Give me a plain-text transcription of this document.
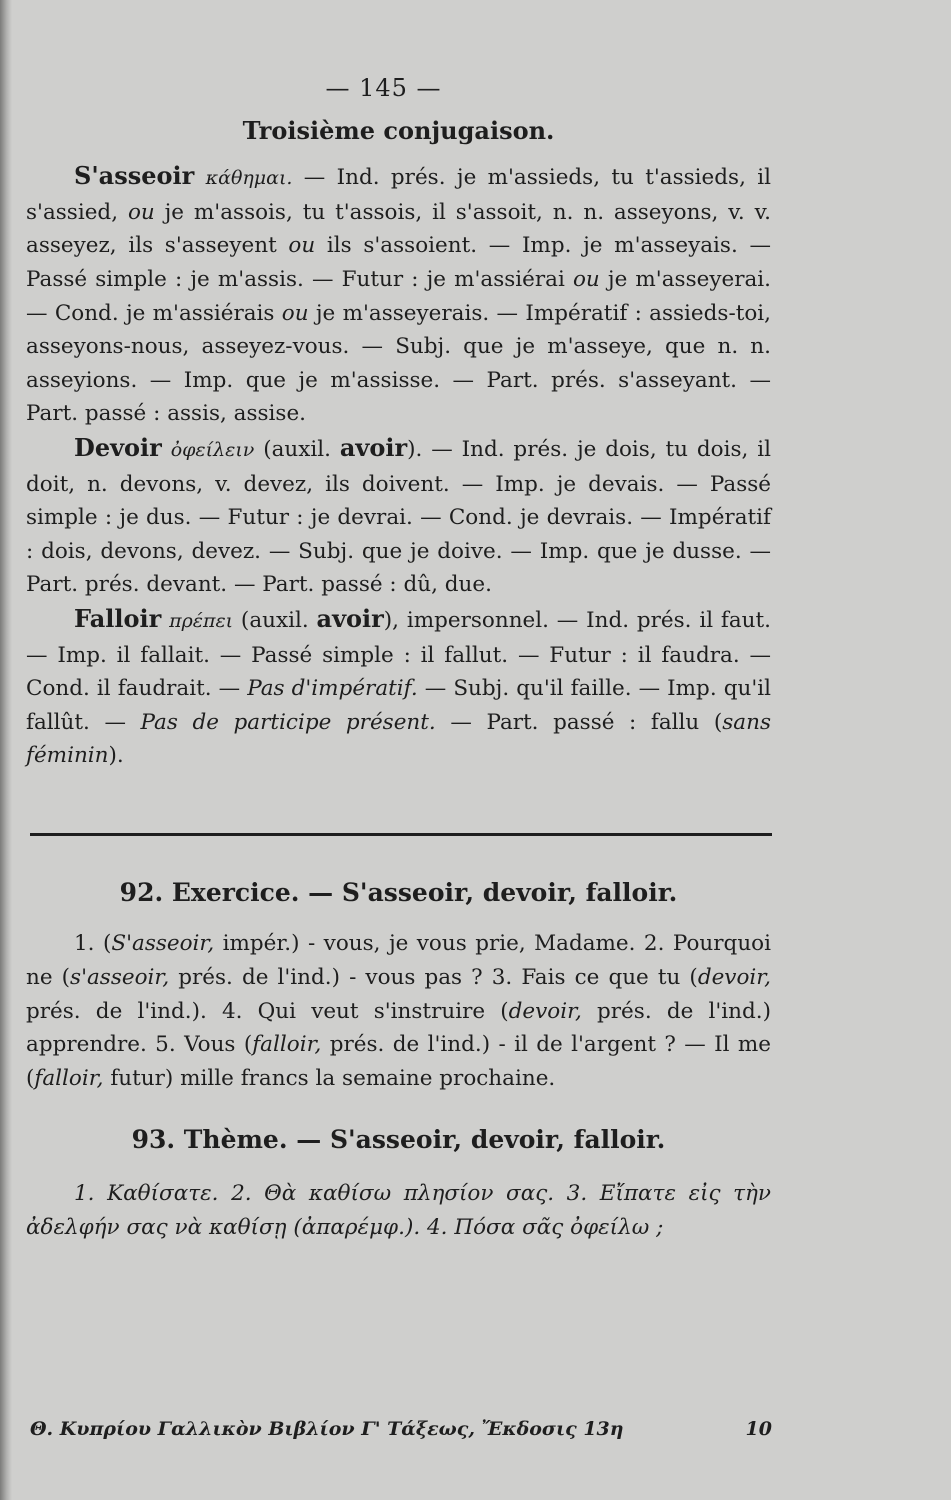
— 145 —
Troisième conjugaison.

S'asseoir κάθημαι. — Ind. prés. je m'assieds, tu t'assieds, il s'assied, ou je m'assois, tu t'assois, il s'assoit, n. n. asseyons, v. v. asseyez, ils s'asseyent ou ils s'assoient. — Imp. je m'asseyais. — Passé simple : je m'assis. — Futur : je m'assiérai ou je m'asseyerai. — Cond. je m'assiérais ou je m'asseyerais. — Impératif : assieds-toi, asseyons-nous, asseyez-vous. — Subj. que je m'asseye, que n. n. asseyions. — Imp. que je m'assisse. — Part. prés. s'asseyant. — Part. passé : assis, assise.

Devoir ὀφείλειν (auxil. avoir). — Ind. prés. je dois, tu dois, il doit, n. devons, v. devez, ils doivent. — Imp. je devais. — Passé simple : je dus. — Futur : je devrai. — Cond. je devrais. — Impératif : dois, devons, devez. — Subj. que je doive. — Imp. que je dusse. — Part. prés. devant. — Part. passé : dû, due.

Falloir πρέπει (auxil. avoir), impersonnel. — Ind. prés. il faut. — Imp. il fallait. — Passé simple : il fallut. — Futur : il faudra. — Cond. il faudrait. — Pas d'impératif. — Subj. qu'il faille. — Imp. qu'il fallût. — Pas de participe présent. — Part. passé : fallu (sans féminin).

92. Exercice. — S'asseoir, devoir, falloir.

1. (S'asseoir, impér.) - vous, je vous prie, Madame. 2. Pourquoi ne (s'asseoir, prés. de l'ind.) - vous pas ? 3. Fais ce que tu (devoir, prés. de l'ind.). 4. Qui veut s'instruire (devoir, prés. de l'ind.) apprendre. 5. Vous (falloir, prés. de l'ind.) - il de l'argent ? — Il me (falloir, futur) mille francs la semaine prochaine.

93. Thème. — S'asseoir, devoir, falloir.

1. Καθίσατε. 2. Θὰ καθίσω πλησίον σας. 3. Εἴπατε εἰς τὴν ἀδελφήν σας νὰ καθίσῃ (ἀπαρέμφ.). 4. Πόσα σᾶς ὀφείλω ;

Θ. Κυπρίου Γαλλικὸν Βιβλίον Γ' Τάξεως, Ἔκδοσις 13η	10
